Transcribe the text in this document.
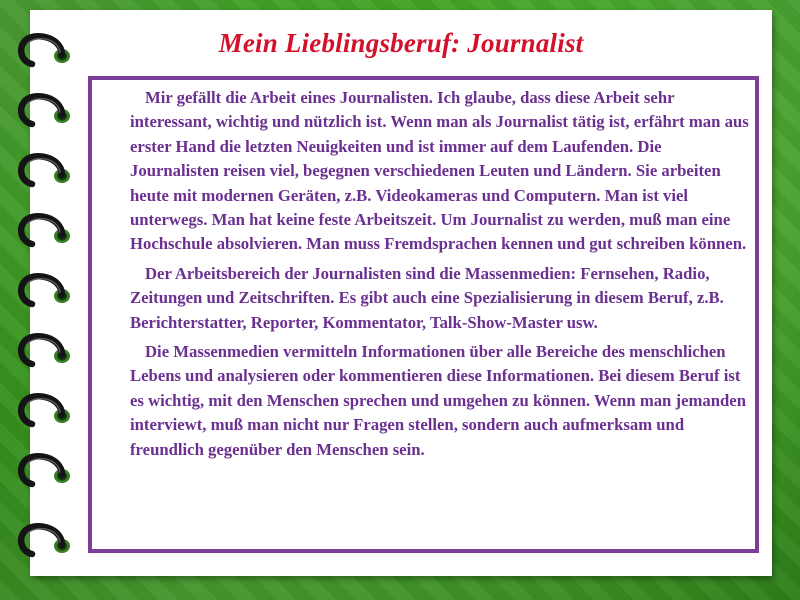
Mein Lieblingsberuf: Journalist

Mir gefällt die Arbeit eines Journalisten. Ich glaube, dass diese Arbeit sehr interessant, wichtig und nützlich ist. Wenn man als Journalist tätig ist, erfährt man aus erster Hand die letzten Neuigkeiten und ist immer auf dem Laufenden. Die Journalisten reisen viel, begegnen verschiedenen Leuten und Ländern. Sie arbeiten heute mit modernen Geräten, z.B. Videokameras und Computern. Man ist viel unterwegs. Man hat keine feste Arbeitszeit. Um Journalist zu werden, muß man eine Hochschule absolvieren. Man muss Fremdsprachen kennen und gut schreiben können.

Der Arbeitsbereich der Journalisten sind die Massenmedien: Fernsehen, Radio, Zeitungen und Zeitschriften. Es gibt auch eine Spezialisierung in diesem Beruf, z.B. Berichterstatter, Reporter, Kommentator, Talk-Show-Master usw.

Die Massenmedien vermitteln Informationen über alle Bereiche des menschlichen Lebens und analysieren oder kommentieren diese Informationen. Bei diesem Beruf ist es wichtig, mit den Menschen sprechen und umgehen zu können. Wenn man jemanden interviewt, muß man nicht nur Fragen stellen, sondern auch aufmerksam und freundlich gegenüber den Menschen sein.
